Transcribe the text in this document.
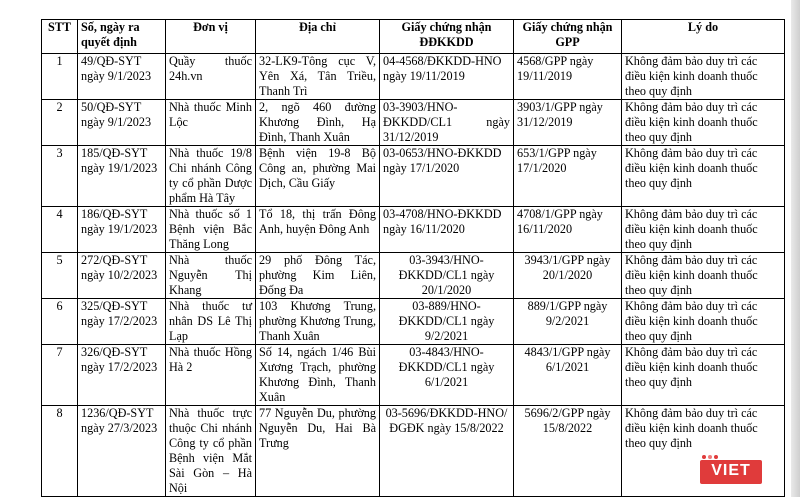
STT	Số, ngày ra quyết định	Đơn vị	Địa chỉ	Giấy chứng nhận ĐĐKKDD	Giấy chứng nhận GPP	Lý do
1	49/QĐ-SYT ngày 9/1/2023	Quầy thuốc 24h.vn	32-LK9-Tông cục V, Yên Xá, Tân Triều, Thanh Trì	04-4568/ĐKKDD-HNO ngày 19/11/2019	4568/GPP ngày 19/11/2019	Không đảm bảo duy trì các điều kiện kinh doanh thuốc theo quy định
2	50/QĐ-SYT ngày 9/1/2023	Nhà thuốc Minh Lộc	2, ngõ 460 đường Khương Đình, Hạ Đình, Thanh Xuân	03-3903/HNO-ĐKKDD/CL1 ngày 31/12/2019	3903/1/GPP ngày 31/12/2019	Không đảm bảo duy trì các điều kiện kinh doanh thuốc theo quy định
3	185/QĐ-SYT ngày 19/1/2023	Nhà thuốc 19/8 Chi nhánh Công ty cổ phần Dược phẩm Hà Tây	Bệnh viện 19-8 Bộ Công an, phường Mai Dịch, Cầu Giấy	03-0653/HNO-ĐKKDD ngày 17/1/2020	653/1/GPP ngày 17/1/2020	Không đảm bảo duy trì các điều kiện kinh doanh thuốc theo quy định
4	186/QĐ-SYT ngày 19/1/2023	Nhà thuốc số 1 Bệnh viện Bắc Thăng Long	Tổ 18, thị trấn Đông Anh, huyện Đông Anh	03-4708/HNO-ĐKKDD ngày 16/11/2020	4708/1/GPP ngày 16/11/2020	Không đảm bảo duy trì các điều kiện kinh doanh thuốc theo quy định
5	272/QĐ-SYT ngày 10/2/2023	Nhà thuốc Nguyễn Thị Khang	29 phố Đông Tác, phường Kim Liên, Đống Đa	03-3943/HNO-ĐKKDD/CL1 ngày 20/1/2020	3943/1/GPP ngày 20/1/2020	Không đảm bảo duy trì các điều kiện kinh doanh thuốc theo quy định
6	325/QĐ-SYT ngày 17/2/2023	Nhà thuốc tư nhân DS Lê Thị Lạp	103 Khương Trung, phường Khương Trung, Thanh Xuân	03-889/HNO-ĐKKDD/CL1 ngày 9/2/2021	889/1/GPP ngày 9/2/2021	Không đảm bảo duy trì các điều kiện kinh doanh thuốc theo quy định
7	326/QĐ-SYT ngày 17/2/2023	Nhà thuốc Hồng Hà 2	Số 14, ngách 1/46 Bùi Xương Trạch, phường Khương Đình, Thanh Xuân	03-4843/HNO-ĐKKDD/CL1 ngày 6/1/2021	4843/1/GPP ngày 6/1/2021	Không đảm bảo duy trì các điều kiện kinh doanh thuốc theo quy định
8	1236/QĐ-SYT ngày 27/3/2023	Nhà thuốc trực thuộc Chi nhánh Công ty cổ phần Bệnh viện Mắt Sài Gòn – Hà Nội	77 Nguyễn Du, phường Nguyễn Du, Hai Bà Trưng	03-5696/ĐKKDD-HNO/ĐGĐK ngày 15/8/2022	5696/2/GPP ngày 15/8/2022	Không đảm bảo duy trì các điều kiện kinh doanh thuốc theo quy định
VIET
